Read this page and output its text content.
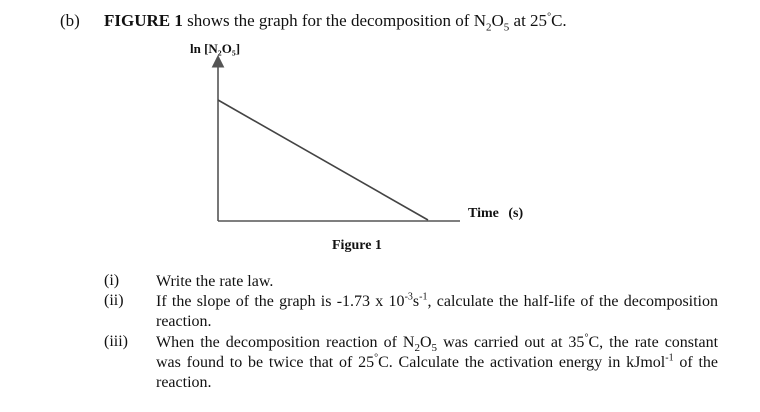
(b) FIGURE 1 shows the graph for the decomposition of $N_2O_5$ at 25°C.
ln [N₂O₅]
Time (s)
Figure 1
(i) Write the rate law.
(ii) If the slope of the graph is -1.73 x $10^{-3}s^{-1}$, calculate the half-life of the decomposition reaction.
(iii) When the decomposition reaction of $N_2O_5$ was carried out at 35°C, the rate constant was found to be twice that of 25°C. Calculate the activation energy in kJmol$^{-1}$ of the reaction.
